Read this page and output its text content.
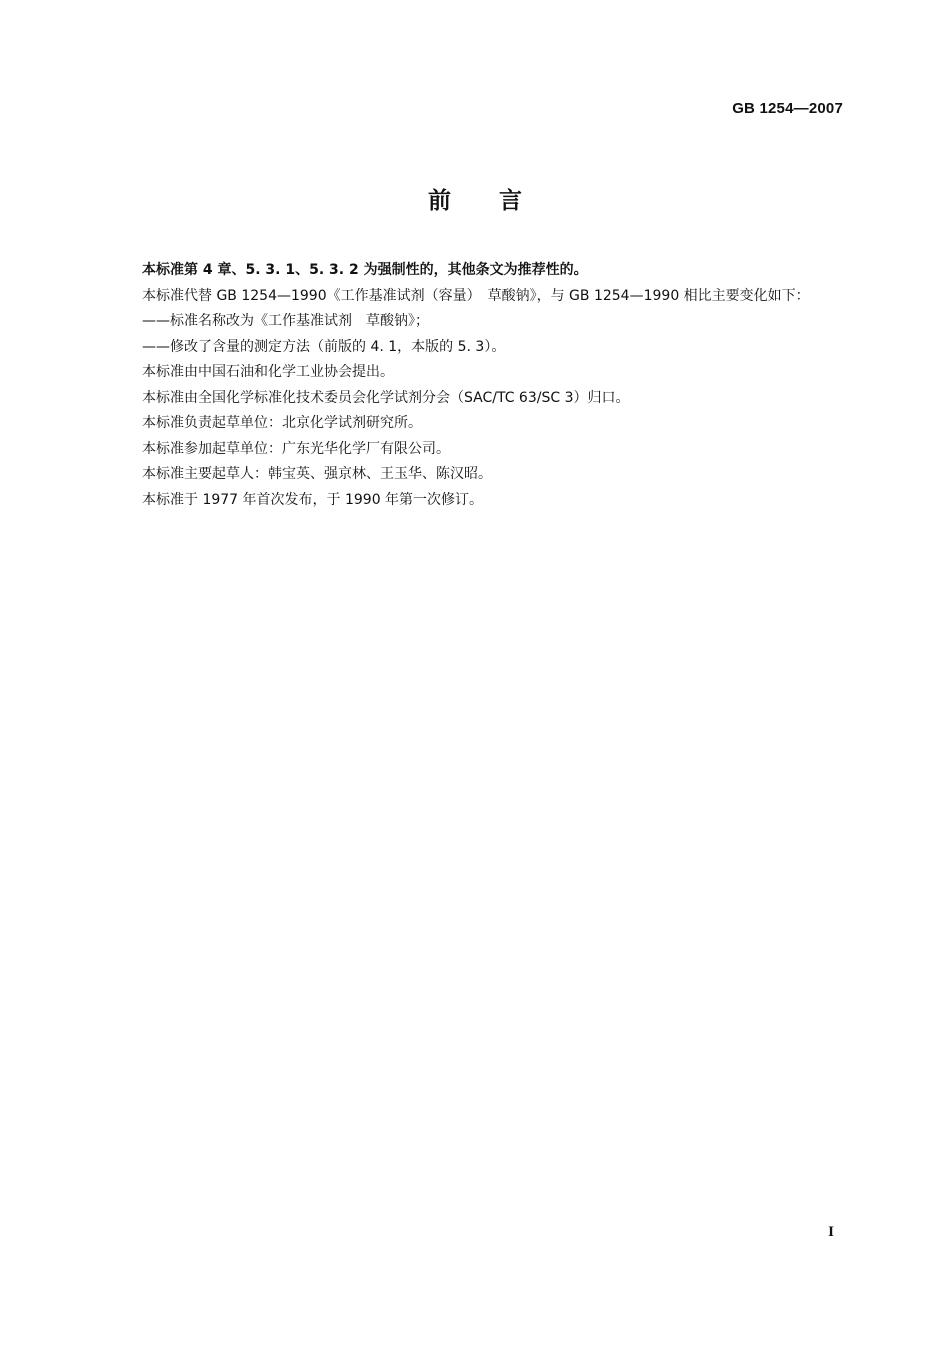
GB 1254—2007
前 言

本标准第 4 章、5. 3. 1、5. 3. 2 为强制性的，其他条文为推荐性的。

本标准代替 GB 1254—1990《工作基准试剂（容量）　草酸钠》，与 GB 1254—1990 相比主要变化如下：

——标准名称改为《工作基准试剂　草酸钠》；

——修改了含量的测定方法（前版的 4. 1，本版的 5. 3）。

本标准由中国石油和化学工业协会提出。

本标准由全国化学标准化技术委员会化学试剂分会（SAC/TC 63/SC 3）归口。

本标准负责起草单位：北京化学试剂研究所。

本标准参加起草单位：广东光华化学厂有限公司。

本标准主要起草人：韩宝英、强京林、王玉华、陈汉昭。

本标准于 1977 年首次发布，于 1990 年第一次修订。

I
